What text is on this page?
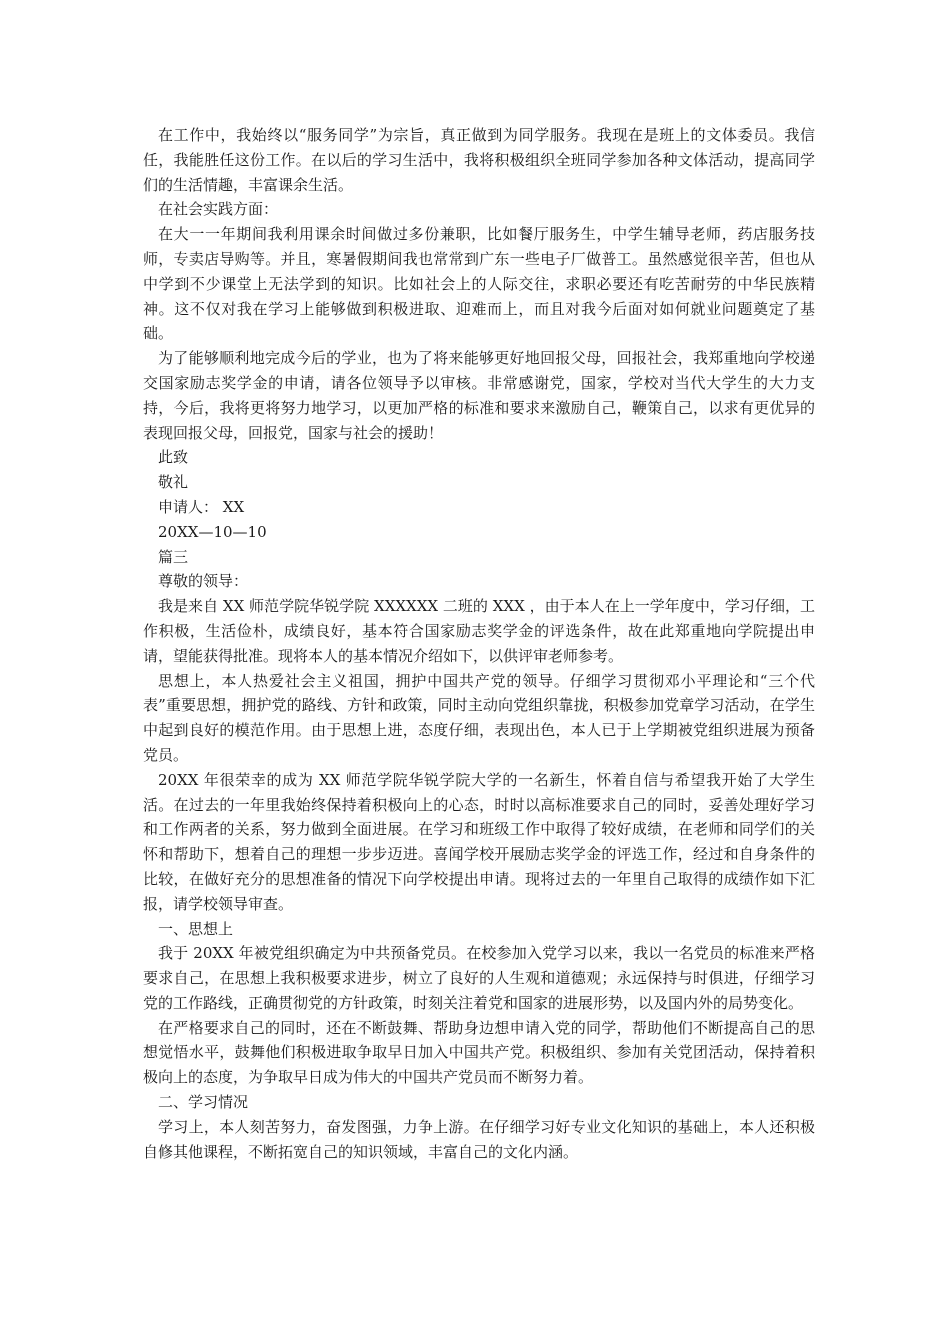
在工作中，我始终以“服务同学”为宗旨，真正做到为同学服务。我现在是班上的文体委员。我信任，我能胜任这份工作。在以后的学习生活中，我将积极组织全班同学参加各种文体活动，提高同学们的生活情趣，丰富课余生活。

在社会实践方面：

在大一一年期间我利用课余时间做过多份兼职，比如餐厅服务生，中学生辅导老师，药店服务技师，专卖店导购等。并且，寒暑假期间我也常常到广东一些电子厂做普工。虽然感觉很辛苦，但也从中学到不少课堂上无法学到的知识。比如社会上的人际交往，求职必要还有吃苦耐劳的中华民族精神。这不仅对我在学习上能够做到积极进取、迎难而上，而且对我今后面对如何就业问题奠定了基础。

为了能够顺利地完成今后的学业，也为了将来能够更好地回报父母，回报社会，我郑重地向学校递交国家励志奖学金的申请，请各位领导予以审核。非常感谢党，国家，学校对当代大学生的大力支持，今后，我将更将努力地学习，以更加严格的标准和要求来激励自己，鞭策自己，以求有更优异的表现回报父母，回报党，国家与社会的援助！

此致

敬礼

申请人： XX

20XX—10—10

篇三

尊敬的领导：

我是来自 XX 师范学院华锐学院 XXXXXX 二班的 XXX ，由于本人在上一学年度中，学习仔细，工作积极，生活俭朴，成绩良好，基本符合国家励志奖学金的评选条件，故在此郑重地向学院提出申请，望能获得批准。现将本人的基本情况介绍如下，以供评审老师参考。

思想上，本人热爱社会主义祖国，拥护中国共产党的领导。仔细学习贯彻邓小平理论和“三个代表”重要思想，拥护党的路线、方针和政策，同时主动向党组织靠拢，积极参加党章学习活动，在学生中起到良好的模范作用。由于思想上进，态度仔细，表现出色，本人已于上学期被党组织进展为预备党员。

20XX 年很荣幸的成为 XX 师范学院华锐学院大学的一名新生，怀着自信与希望我开始了大学生活。在过去的一年里我始终保持着积极向上的心态，时时以高标准要求自己的同时，妥善处理好学习和工作两者的关系，努力做到全面进展。在学习和班级工作中取得了较好成绩，在老师和同学们的关怀和帮助下，想着自己的理想一步步迈进。喜闻学校开展励志奖学金的评选工作，经过和自身条件的比较，在做好充分的思想准备的情况下向学校提出申请。现将过去的一年里自己取得的成绩作如下汇报，请学校领导审查。

一、思想上

我于 20XX 年被党组织确定为中共预备党员。在校参加入党学习以来，我以一名党员的标准来严格要求自己，在思想上我积极要求进步，树立了良好的人生观和道德观；永远保持与时俱进，仔细学习党的工作路线，正确贯彻党的方针政策，时刻关注着党和国家的进展形势，以及国内外的局势变化。

在严格要求自己的同时，还在不断鼓舞、帮助身边想申请入党的同学，帮助他们不断提高自己的思想觉悟水平，鼓舞他们积极进取争取早日加入中国共产党。积极组织、参加有关党团活动，保持着积极向上的态度，为争取早日成为伟大的中国共产党员而不断努力着。

二、学习情况

学习上，本人刻苦努力，奋发图强，力争上游。在仔细学习好专业文化知识的基础上，本人还积极自修其他课程，不断拓宽自己的知识领域，丰富自己的文化内涵。
